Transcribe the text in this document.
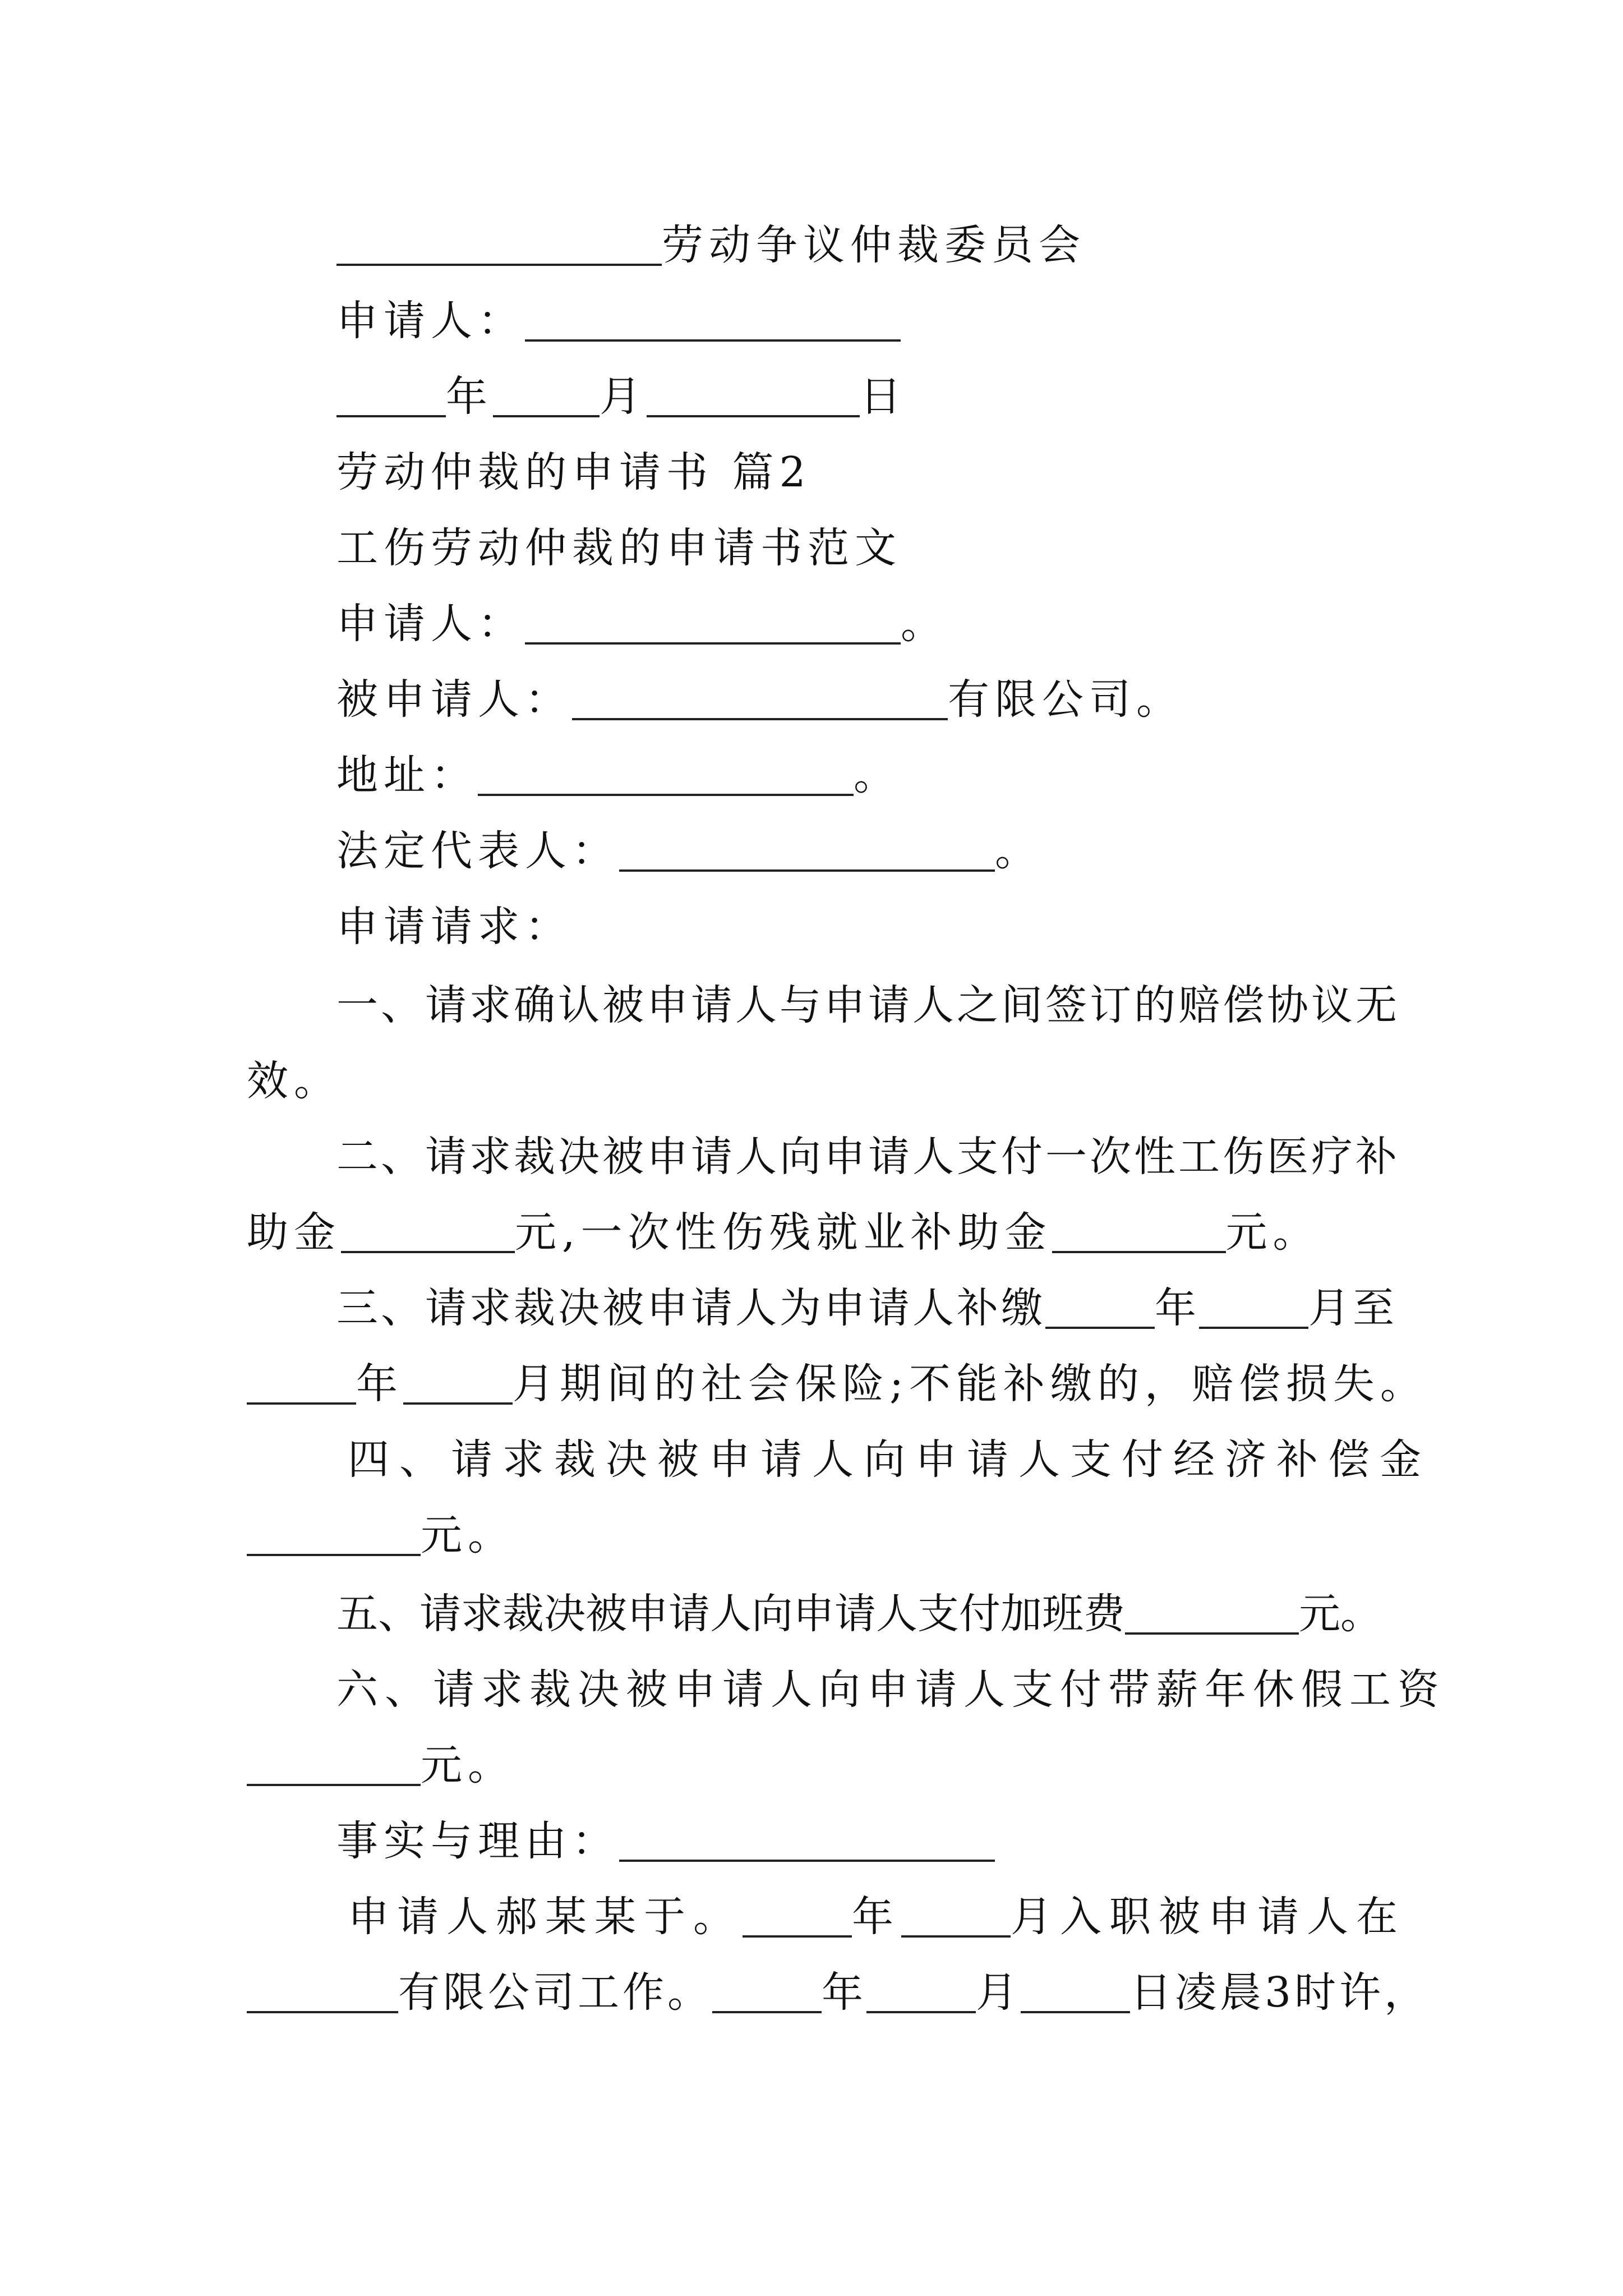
劳动争议仲裁委员会
申请人：
年	月	日
劳动仲裁的申请书 篇2
工伤劳动仲裁的申请书范文
申请人：	。
被申请人：	有限公司。
地址：	。
法定代表人：	。
申请请求：
一、请求确认被申请人与申请人之间签订的赔偿协议无
效。
二、请求裁决被申请人向申请人支付一次性工伤医疗补
助金	元,一次性伤残就业补助金	元。
三、请求裁决被申请人为申请人补缴	年	月至
年	月期间的社会保险;不能补缴的，赔偿损失。
四、请求裁决被申请人向申请人支付经济补偿金
元。
五、请求裁决被申请人向申请人支付加班费	元。
六、请求裁决被申请人向申请人支付带薪年休假工资
元。
事实与理由：
申请人郝某某于。	年	月入职被申请人在
有限公司工作。	年	月	日凌晨3时许，
